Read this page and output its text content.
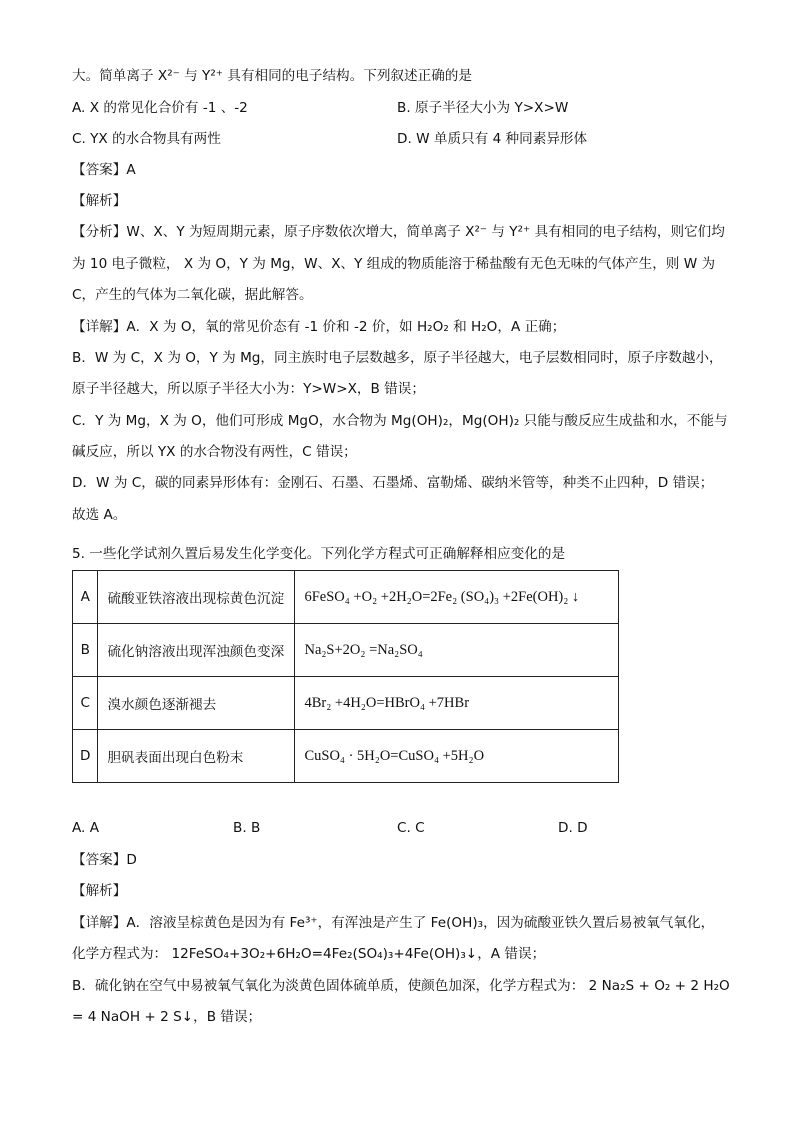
大。简单离子 X²⁻ 与 Y²⁺ 具有相同的电子结构。下列叙述正确的是
A. X 的常见化合价有 -1 、-2	B. 原子半径大小为 Y>X>W
C. YX 的水合物具有两性	D. W 单质只有 4 种同素异形体
【答案】A
【解析】
【分析】W、X、Y 为短周期元素，原子序数依次增大，简单离子 X²⁻ 与 Y²⁺ 具有相同的电子结构，则它们均
为 10 电子微粒， X 为 O，Y 为 Mg，W、X、Y 组成的物质能溶于稀盐酸有无色无味的气体产生，则 W 为
C，产生的气体为二氧化碳，据此解答。
【详解】A．X 为 O，氧的常见价态有 -1 价和 -2 价，如 H₂O₂ 和 H₂O，A 正确；
B．W 为 C，X 为 O，Y 为 Mg，同主族时电子层数越多，原子半径越大，电子层数相同时，原子序数越小，
原子半径越大，所以原子半径大小为：Y>W>X，B 错误；
C．Y 为 Mg，X 为 O，他们可形成 MgO，水合物为 Mg(OH)₂，Mg(OH)₂ 只能与酸反应生成盐和水，不能与
碱反应，所以 YX 的水合物没有两性，C 错误；
D．W 为 C，碳的同素异形体有：金刚石、石墨、石墨烯、富勒烯、碳纳米管等，种类不止四种，D 错误；
故选 A。
5. 一些化学试剂久置后易发生化学变化。下列化学方程式可正确解释相应变化的是
A	硫酸亚铁溶液出现棕黄色沉淀	6FeSO₄ +O₂ +2H₂O=2Fe₂ (SO₄)₃ +2Fe(OH)₂ ↓
B	硫化钠溶液出现浑浊颜色变深	Na₂S+2O₂ =Na₂SO₄
C	溴水颜色逐渐褪去	4Br₂ +4H₂O=HBrO₄ +7HBr
D	胆矾表面出现白色粉末	CuSO₄ · 5H₂O=CuSO₄ +5H₂O
A. A	B. B	C. C	D. D
【答案】D
【解析】
【详解】A．溶液呈棕黄色是因为有 Fe³⁺，有浑浊是产生了 Fe(OH)₃，因为硫酸亚铁久置后易被氧气氧化，
化学方程式为： 12FeSO₄+3O₂+6H₂O=4Fe₂(SO₄)₃+4Fe(OH)₃↓，A 错误；
B．硫化钠在空气中易被氧气氧化为淡黄色固体硫单质，使颜色加深，化学方程式为： 2 Na₂S + O₂ + 2 H₂O
= 4 NaOH + 2 S↓，B 错误；
